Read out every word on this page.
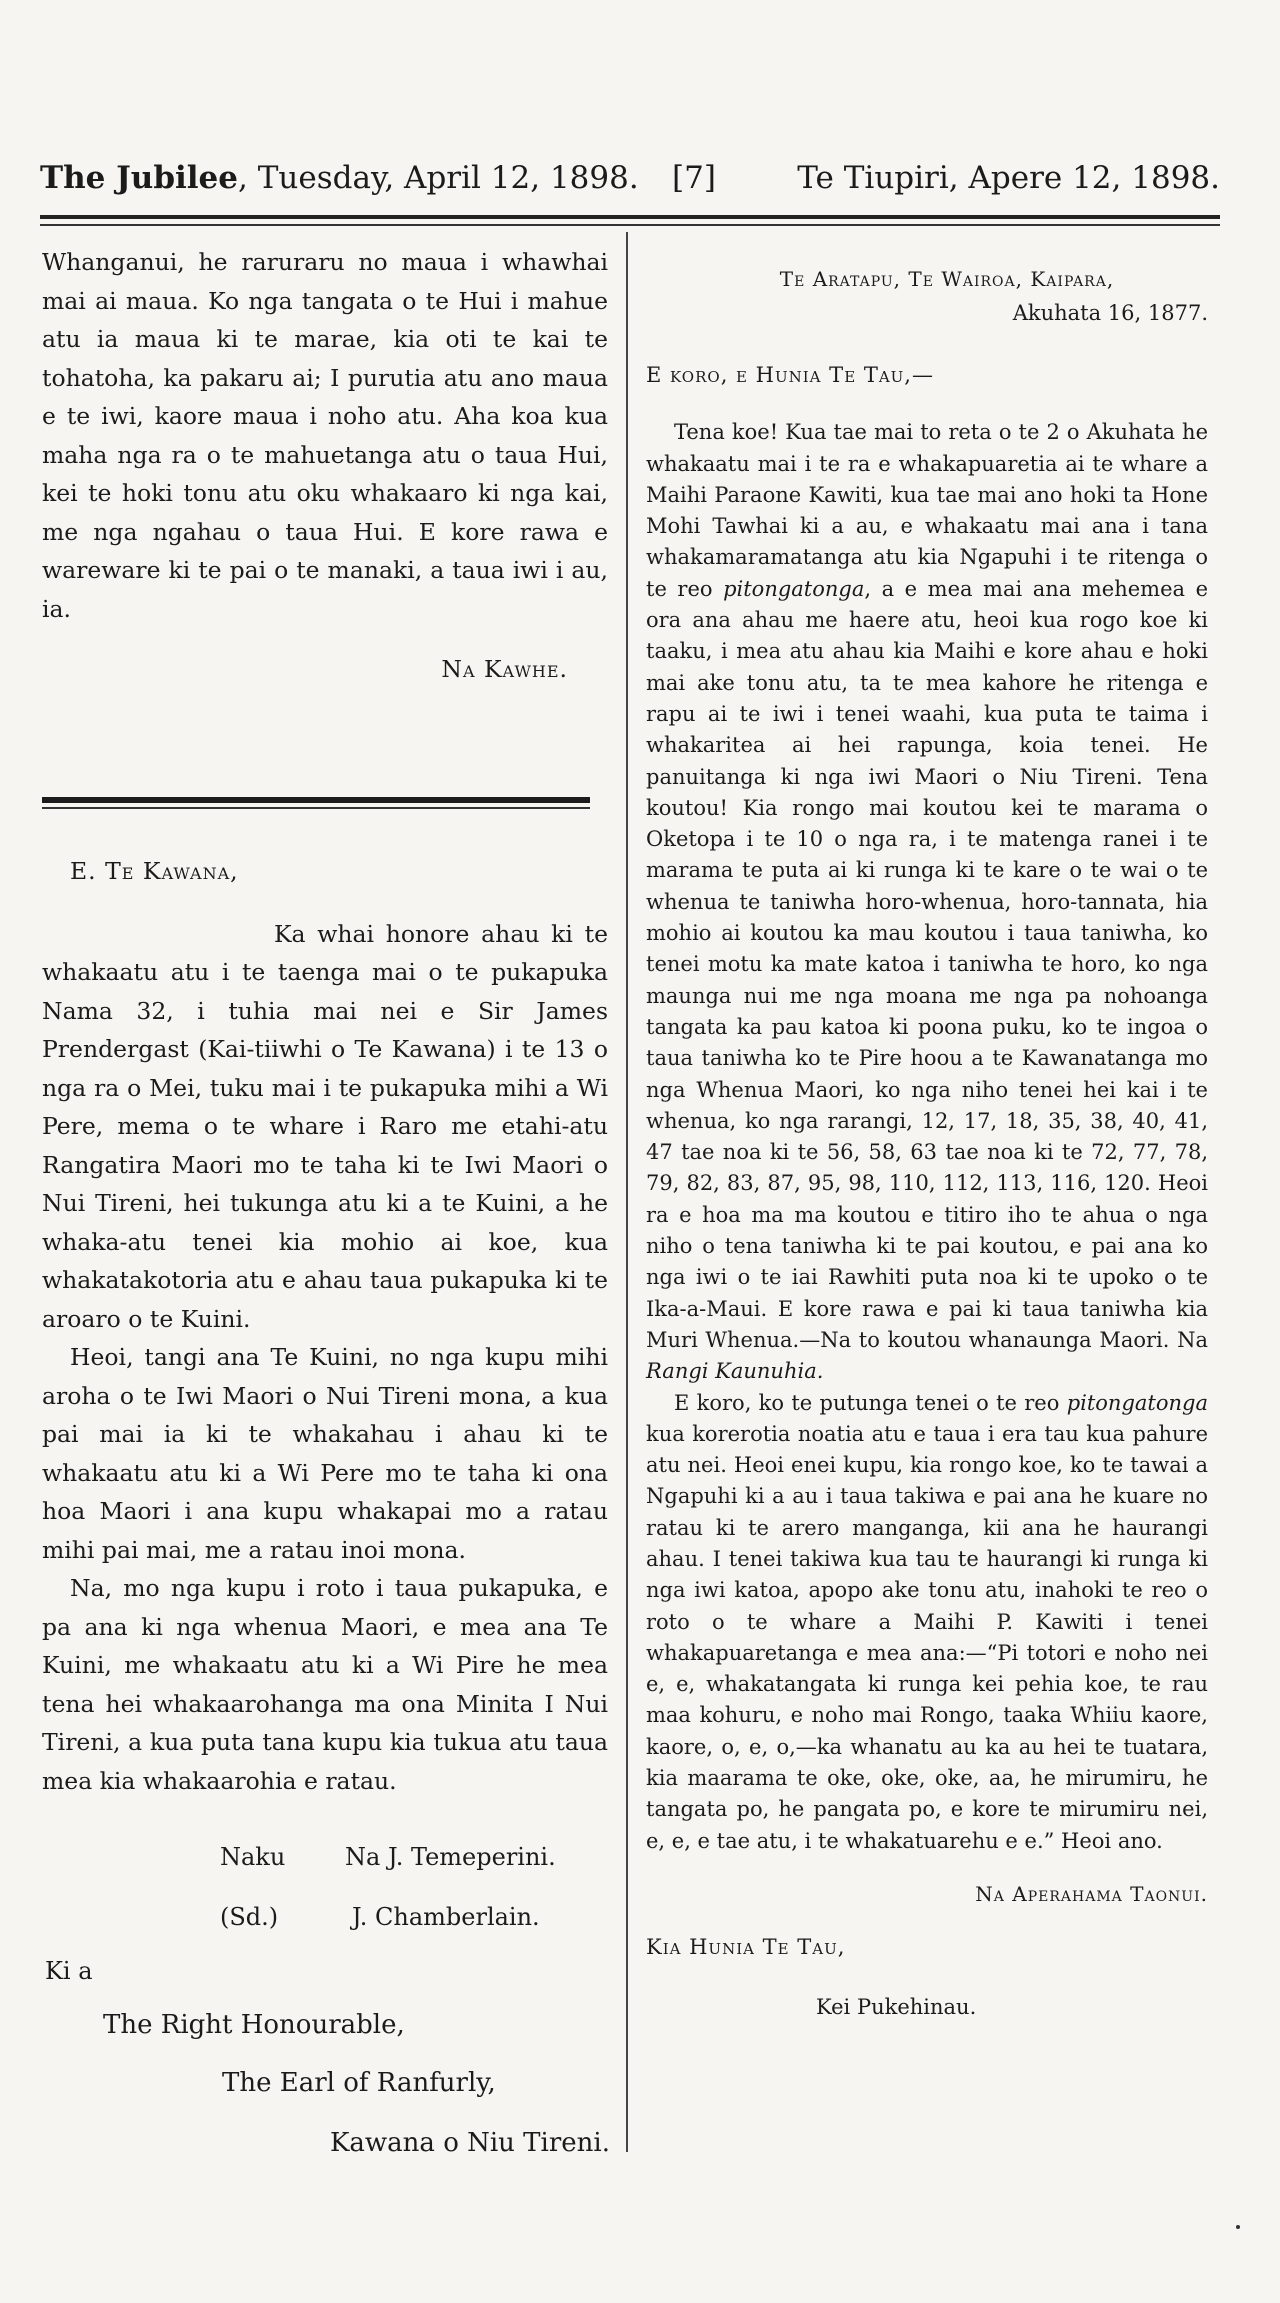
The Jubilee, Tuesday, April 12, 1898. [7]	Te Tiupiri, Apere 12, 1898.

Whanganui, he raruraru no maua i whawhai mai ai maua. Ko nga tangata o te Hui i mahue atu ia maua ki te marae, kia oti te kai te tohatoha, ka pakaru ai; I purutia atu ano maua e te iwi, kaore maua i noho atu. Aha koa kua maha nga ra o te mahuetanga atu o taua Hui, kei te hoki tonu atu oku whakaaro ki nga kai, me nga ngahau o taua Hui. E kore rawa e wareware ki te pai o te manaki, a taua iwi i au, ia.

Na Kawhe.

E. Te Kawana,

Ka whai honore ahau ki te whakaatu atu i te taenga mai o te pukapuka Nama 32, i tuhia mai nei e Sir James Prendergast (Kai-tiiwhi o Te Kawana) i te 13 o nga ra o Mei, tuku mai i te pukapuka mihi a Wi Pere, mema o te whare i Raro me etahi-atu Rangatira Maori mo te taha ki te Iwi Maori o Nui Tireni, hei tukunga atu ki a te Kuini, a he whaka-atu tenei kia mohio ai koe, kua whakatakotoria atu e ahau taua pukapuka ki te aroaro o te Kuini.

Heoi, tangi ana Te Kuini, no nga kupu mihi aroha o te Iwi Maori o Nui Tireni mona, a kua pai mai ia ki te whakahau i ahau ki te whakaatu atu ki a Wi Pere mo te taha ki ona hoa Maori i ana kupu whakapai mo a ratau mihi pai mai, me a ratau inoi mona.

Na, mo nga kupu i roto i taua pukapuka, e pa ana ki nga whenua Maori, e mea ana Te Kuini, me whakaatu atu ki a Wi Pire he mea tena hei whakaarohanga ma ona Minita I Nui Tireni, a kua puta tana kupu kia tukua atu taua mea kia whakaarohia e ratau.

Naku Na J. Temeperini.
(Sd.)	J. Chamberlain.
Ki a
The Right Honourable,
The Earl of Ranfurly,
Kawana o Niu Tireni.

Te Aratapu, Te Wairoa, Kaipara,

Akuhata 16, 1877.

E koro, e Hunia Te Tau,—

Tena koe! Kua tae mai to reta o te 2 o Akuhata he whakaatu mai i te ra e whakapuaretia ai te whare a Maihi Paraone Kawiti, kua tae mai ano hoki ta Hone Mohi Tawhai ki a au, e whakaatu mai ana i tana whakamaramatanga atu kia Ngapuhi i te ritenga o te reo pitongatonga, a e mea mai ana mehemea e ora ana ahau me haere atu, heoi kua rogo koe ki taaku, i mea atu ahau kia Maihi e kore ahau e hoki mai ake tonu atu, ta te mea kahore he ritenga e rapu ai te iwi i tenei waahi, kua puta te taima i whakaritea ai hei rapunga, koia tenei. He panuitanga ki nga iwi Maori o Niu Tireni. Tena koutou! Kia rongo mai koutou kei te marama o Oketopa i te 10 o nga ra, i te matenga ranei i te marama te puta ai ki runga ki te kare o te wai o te whenua te taniwha horo-whenua, horo-tannata, hia mohio ai koutou ka mau koutou i taua taniwha, ko tenei motu ka mate katoa i taniwha te horo, ko nga maunga nui me nga moana me nga pa nohoanga tangata ka pau katoa ki poona puku, ko te ingoa o taua taniwha ko te Pire hoou a te Kawanatanga mo nga Whenua Maori, ko nga niho tenei hei kai i te whenua, ko nga rarangi, 12, 17, 18, 35, 38, 40, 41, 47 tae noa ki te 56, 58, 63 tae noa ki te 72, 77, 78, 79, 82, 83, 87, 95, 98, 110, 112, 113, 116, 120. Heoi ra e hoa ma ma koutou e titiro iho te ahua o nga niho o tena taniwha ki te pai koutou, e pai ana ko nga iwi o te iai Rawhiti puta noa ki te upoko o te Ika-a-Maui. E kore rawa e pai ki taua taniwha kia Muri Whenua.—Na to koutou whanaunga Maori. Na Rangi Kaunuhia.

E koro, ko te putunga tenei o te reo pitongatonga kua korerotia noatia atu e taua i era tau kua pahure atu nei. Heoi enei kupu, kia rongo koe, ko te tawai a Ngapuhi ki a au i taua takiwa e pai ana he kuare no ratau ki te arero manganga, kii ana he haurangi ahau. I tenei takiwa kua tau te haurangi ki runga ki nga iwi katoa, apopo ake tonu atu, inahoki te reo o roto o te whare a Maihi P. Kawiti i tenei whakapuaretanga e mea ana:—“Pi totori e noho nei e, e, whakatangata ki runga kei pehia koe, te rau maa kohuru, e noho mai Rongo, taaka Whiiu kaore, kaore, o, e, o,—ka whanatu au ka au hei te tuatara, kia maarama te oke, oke, oke, aa, he mirumiru, he tangata po, he pangata po, e kore te mirumiru nei, e, e, e tae atu, i te whakatuarehu e e.” Heoi ano.

Na Aperahama Taonui.

Kia Hunia Te Tau,

Kei Pukehinau.
